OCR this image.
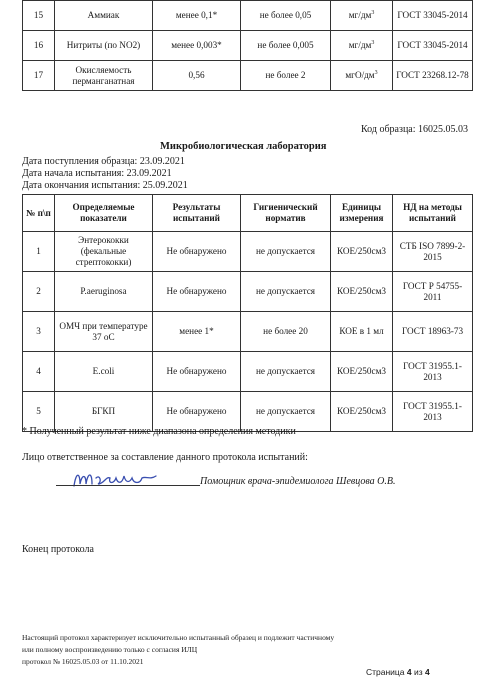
15	Аммиак	менее 0,1*	не более 0,05	$мг/дм^3$	ГОСТ 33045-2014
16	Нитриты (по NO2)	менее 0,003*	не более 0,005	$мг/дм^3$	ГОСТ 33045-2014
17	Окисляемость перманганатная	0,56	не более 2	мгО/$дм^3$	ГОСТ 23268.12-78
Код образца: 16025.05.03
Микробиологическая лаборатория
Дата поступления образца: 23.09.2021
Дата начала испытания: 23.09.2021
Дата окончания испытания: 25.09.2021
№ п\п	Определяемые показатели	Результаты испытаний	Гигиенический норматив	Единицы измерения	НД на методы испытаний
1	Энтерококки (фекальные стрептококки)	Не обнаружено	не допускается	КОЕ/250см3	СТБ ISO 7899-2-2015
2	P.aeruginosa	Не обнаружено	не допускается	КОЕ/250см3	ГОСТ Р 54755-2011
3	ОМЧ при температуре 37 оС	менее 1*	не более 20	КОЕ в 1 мл	ГОСТ 18963-73
4	E.coli	Не обнаружено	не допускается	КОЕ/250см3	ГОСТ 31955.1-2013
5	БГКП	Не обнаружено	не допускается	КОЕ/250см3	ГОСТ 31955.1-2013
* Полученный результат ниже диапазона определения методики
Лицо ответственное за составление данного протокола испытаний:
Помощник врача-эпидемиолога Шевцова О.В.
Конец протокола
Настоящий протокол характеризует исключительно испытанный образец и подлежит частичному
или полному воспроизведению только с согласия ИЛЦ
протокол № 16025.05.03 от 11.10.2021
Страница 4 из 4
